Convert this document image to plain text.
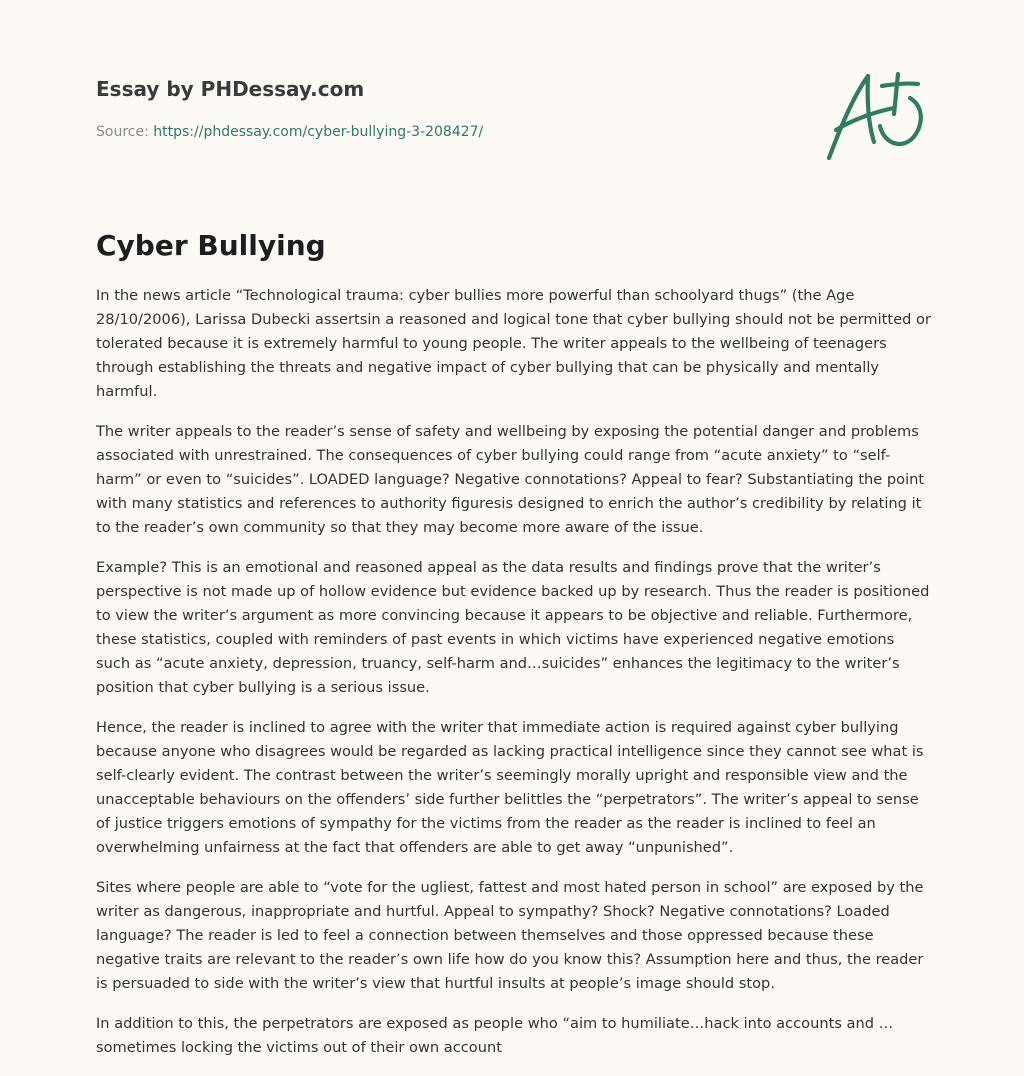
Essay by PHDessay.com
Source: https://phdessay.com/cyber-bullying-3-208427/
Cyber Bullying

In the news article “Technological trauma: cyber bullies more powerful than schoolyard thugs” (the Age 28/10/2006), Larissa Dubecki assertsin a reasoned and logical tone that cyber bullying should not be permitted or tolerated because it is extremely harmful to young people. The writer appeals to the wellbeing of teenagers through establishing the threats and negative impact of cyber bullying that can be physically and mentally harmful.

The writer appeals to the reader’s sense of safety and wellbeing by exposing the potential danger and problems associated with unrestrained. The consequences of cyber bullying could range from “acute anxiety” to “self-harm” or even to “suicides”. LOADED language? Negative connotations? Appeal to fear? Substantiating the point with many statistics and references to authority figuresis designed to enrich the author’s credibility by relating it to the reader’s own community so that they may become more aware of the issue.

Example? This is an emotional and reasoned appeal as the data results and findings prove that the writer’s perspective is not made up of hollow evidence but evidence backed up by research. Thus the reader is positioned to view the writer’s argument as more convincing because it appears to be objective and reliable. Furthermore, these statistics, coupled with reminders of past events in which victims have experienced negative emotions such as “acute anxiety, depression, truancy, self-harm and…suicides” enhances the legitimacy to the writer’s position that cyber bullying is a serious issue.

Hence, the reader is inclined to agree with the writer that immediate action is required against cyber bullying because anyone who disagrees would be regarded as lacking practical intelligence since they cannot see what is self-clearly evident. The contrast between the writer’s seemingly morally upright and responsible view and the unacceptable behaviours on the offenders’ side further belittles the “perpetrators”. The writer’s appeal to sense of justice triggers emotions of sympathy for the victims from the reader as the reader is inclined to feel an overwhelming unfairness at the fact that offenders are able to get away “unpunished”.

Sites where people are able to “vote for the ugliest, fattest and most hated person in school” are exposed by the writer as dangerous, inappropriate and hurtful. Appeal to sympathy? Shock? Negative connotations? Loaded language? The reader is led to feel a connection between themselves and those oppressed because these negative traits are relevant to the reader’s own life how do you know this? Assumption here and thus, the reader is persuaded to side with the writer’s view that hurtful insults at people’s image should stop.

In addition to this, the perpetrators are exposed as people who “aim to humiliate…hack into accounts and … sometimes locking the victims out of their own account
